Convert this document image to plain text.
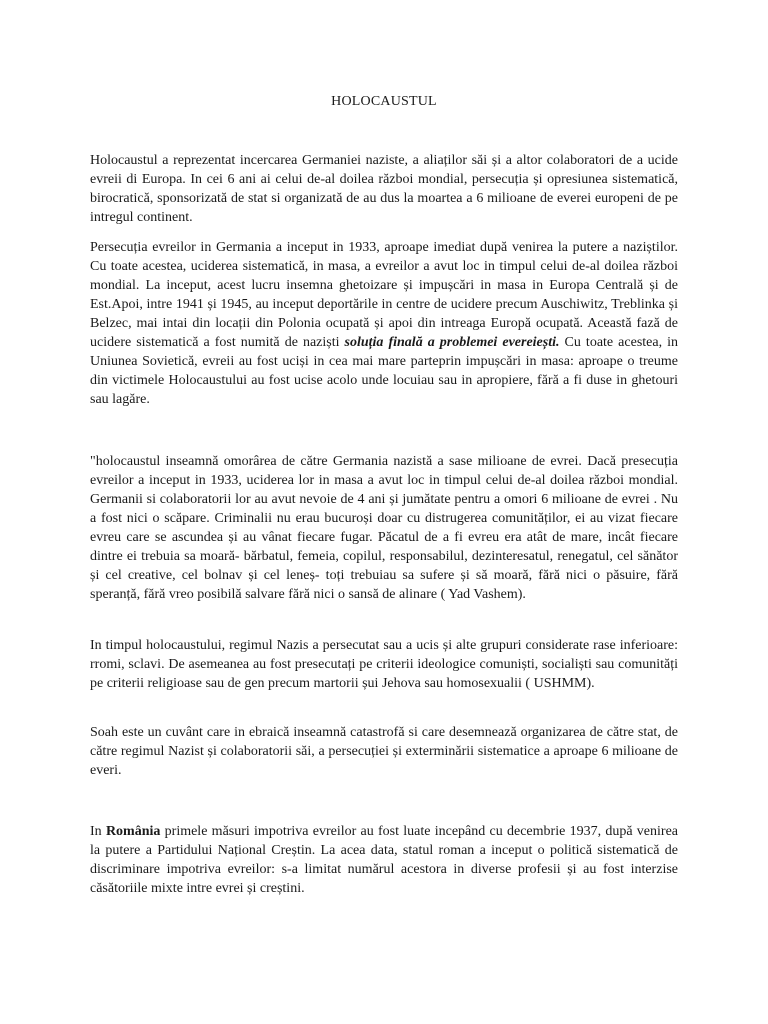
HOLOCAUSTUL

Holocaustul a reprezentat incercarea Germaniei naziste, a aliaților săi și a altor colaboratori de a ucide evreii di Europa. In cei 6 ani ai celui de-al doilea război mondial, persecuția și opresiunea sistematică, birocratică, sponsorizată de stat si organizată de au dus la moartea a 6 milioane de everei europeni de pe intregul continent.

Persecuția evreilor in Germania a inceput in 1933, aproape imediat după venirea la putere a naziștilor. Cu toate acestea, uciderea sistematică, in masa, a evreilor a avut loc in timpul celui de-al doilea război mondial. La inceput, acest lucru insemna ghetoizare și impușcări in masa in Europa Centrală și de Est.Apoi, intre 1941 și 1945, au inceput deportările in centre de ucidere precum Auschiwitz, Treblinka și Belzec, mai intai din locații din Polonia ocupată și apoi din intreaga Europă ocupată. Această fază de ucidere sistematică a fost numită de naziști soluția finală a problemei evereiești. Cu toate acestea, in Uniunea Sovietică, evreii au fost uciși in cea mai mare parteprin impușcări in masa: aproape o treume din victimele Holocaustului au fost ucise acolo unde locuiau sau in apropiere, fără a fi duse in ghetouri sau lagăre.

"holocaustul inseamnă omorârea de către Germania nazistă a sase milioane de evrei. Dacă presecuția evreilor a inceput in 1933, uciderea lor in masa a avut loc in timpul celui de-al doilea război mondial. Germanii si colaboratorii lor au avut nevoie de 4 ani și jumătate pentru a omori 6 milioane de evrei . Nu a fost nici o scăpare. Criminalii nu erau bucuroși doar cu distrugerea comunităților, ei au vizat fiecare evreu care se ascundea și au vânat fiecare fugar. Păcatul de a fi evreu era atât de mare, incât fiecare dintre ei trebuia sa moară- bărbatul, femeia, copilul, responsabilul, dezinteresatul, renegatul, cel sănător și cel creative, cel bolnav și cel leneș- toți trebuiau sa sufere și să moară, fără nici o păsuire, fără speranță, fără vreo posibilă salvare fără nici o sansă de alinare ( Yad Vashem).

In timpul holocaustului, regimul Nazis a persecutat sau a ucis și alte grupuri considerate rase inferioare: rromi, sclavi. De asemeanea au fost presecutați pe criterii ideologice comuniști, socialiști sau comunități pe criterii religioase sau de gen precum martorii șui Jehova sau homosexualii ( USHMM).

Soah este un cuvânt care in ebraică inseamnă catastrofă si care desemnează organizarea de către stat, de către regimul Nazist și colaboratorii săi, a persecuției și exterminării sistematice a aproape 6 milioane de everi.

In România primele măsuri impotriva evreilor au fost luate incepând cu decembrie 1937, după venirea la putere a Partidului Național Creștin. La acea data, statul roman a inceput o politică sistematică de discriminare impotriva evreilor: s-a limitat numărul acestora in diverse profesii și au fost interzise căsătoriile mixte intre evrei și creștini.
